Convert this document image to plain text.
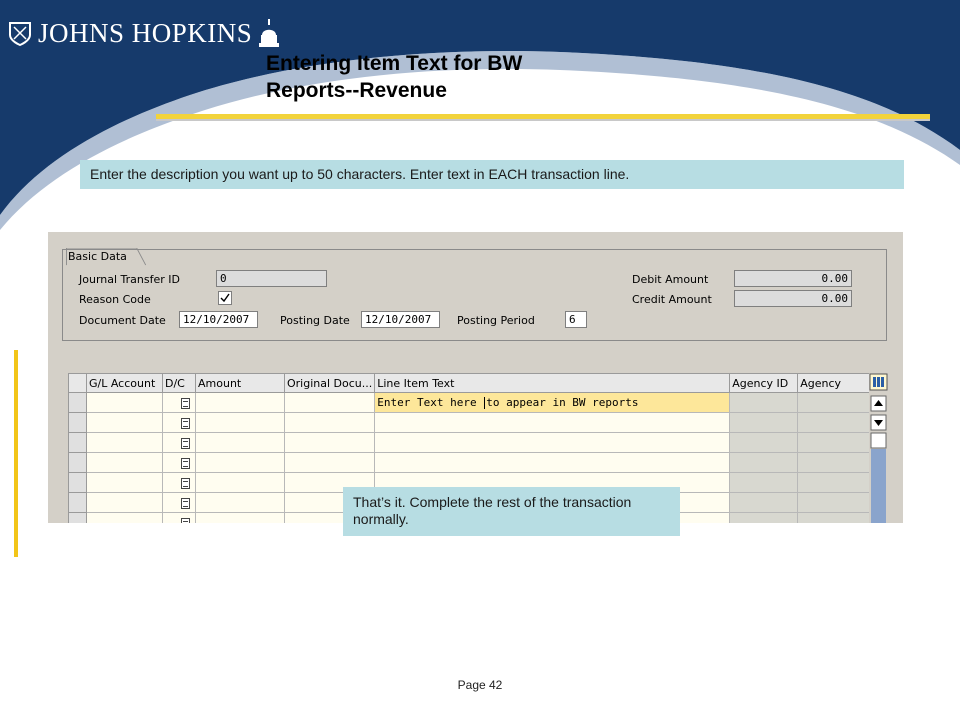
JOHNS HOPKINS
Entering Item Text for BW
Reports--Revenue
Enter the description you want up to 50 characters. Enter text in EACH transaction line.
Basic Data
Journal Transfer ID	0
Reason Code
Document Date	12/10/2007	Posting Date	12/10/2007	Posting Period	6
Debit Amount	0.00
Credit Amount	0.00
	G/L Account	D/C	Amount	Original Docu...	Line Item Text	Agency ID	Agency
					Enter Text here to appear in BW reports		

That’s it. Complete the rest of the transaction normally.
Page 42
